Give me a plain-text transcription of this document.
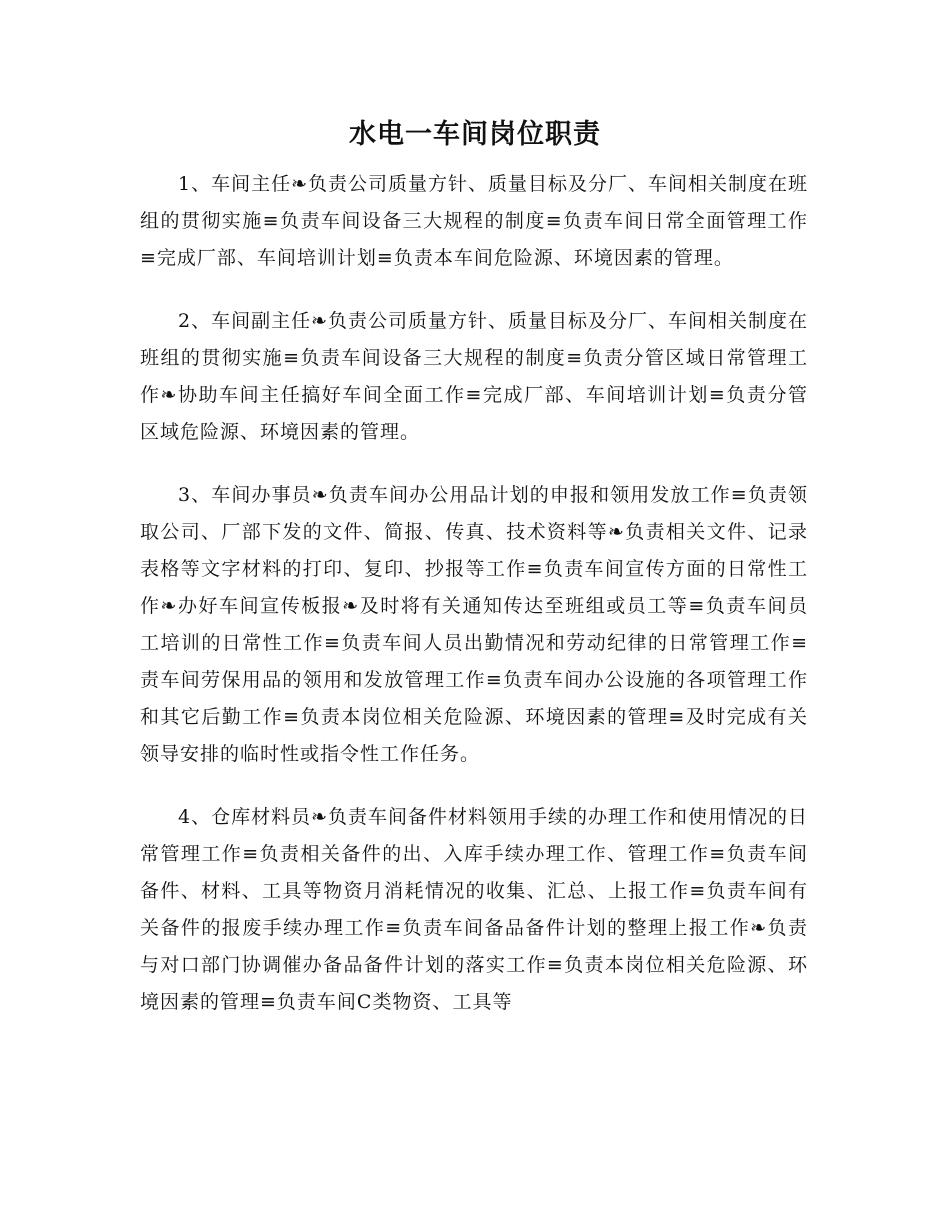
水电一车间岗位职责

1、车间主任❧负责公司质量方针、质量目标及分厂、车间相关制度在班组的贯彻实施≡负责车间设备三大规程的制度≡负责车间日常全面管理工作≡完成厂部、车间培训计划≡负责本车间危险源、环境因素的管理。

2、车间副主任❧负责公司质量方针、质量目标及分厂、车间相关制度在班组的贯彻实施≡负责车间设备三大规程的制度≡负责分管区域日常管理工作❧协助车间主任搞好车间全面工作≡完成厂部、车间培训计划≡负责分管区域危险源、环境因素的管理。

3、车间办事员❧负责车间办公用品计划的申报和领用发放工作≡负责领取公司、厂部下发的文件、简报、传真、技术资料等❧负责相关文件、记录表格等文字材料的打印、复印、抄报等工作≡负责车间宣传方面的日常性工作❧办好车间宣传板报❧及时将有关通知传达至班组或员工等≡负责车间员工培训的日常性工作≡负责车间人员出勤情况和劳动纪律的日常管理工作≡责车间劳保用品的领用和发放管理工作≡负责车间办公设施的各项管理工作和其它后勤工作≡负责本岗位相关危险源、环境因素的管理≡及时完成有关领导安排的临时性或指令性工作任务。

4、仓库材料员❧负责车间备件材料领用手续的办理工作和使用情况的日常管理工作≡负责相关备件的出、入库手续办理工作、管理工作≡负责车间备件、材料、工具等物资月消耗情况的收集、汇总、上报工作≡负责车间有关备件的报废手续办理工作≡负责车间备品备件计划的整理上报工作❧负责与对口部门协调催办备品备件计划的落实工作≡负责本岗位相关危险源、环境因素的管理≡负责车间C类物资、工具等
